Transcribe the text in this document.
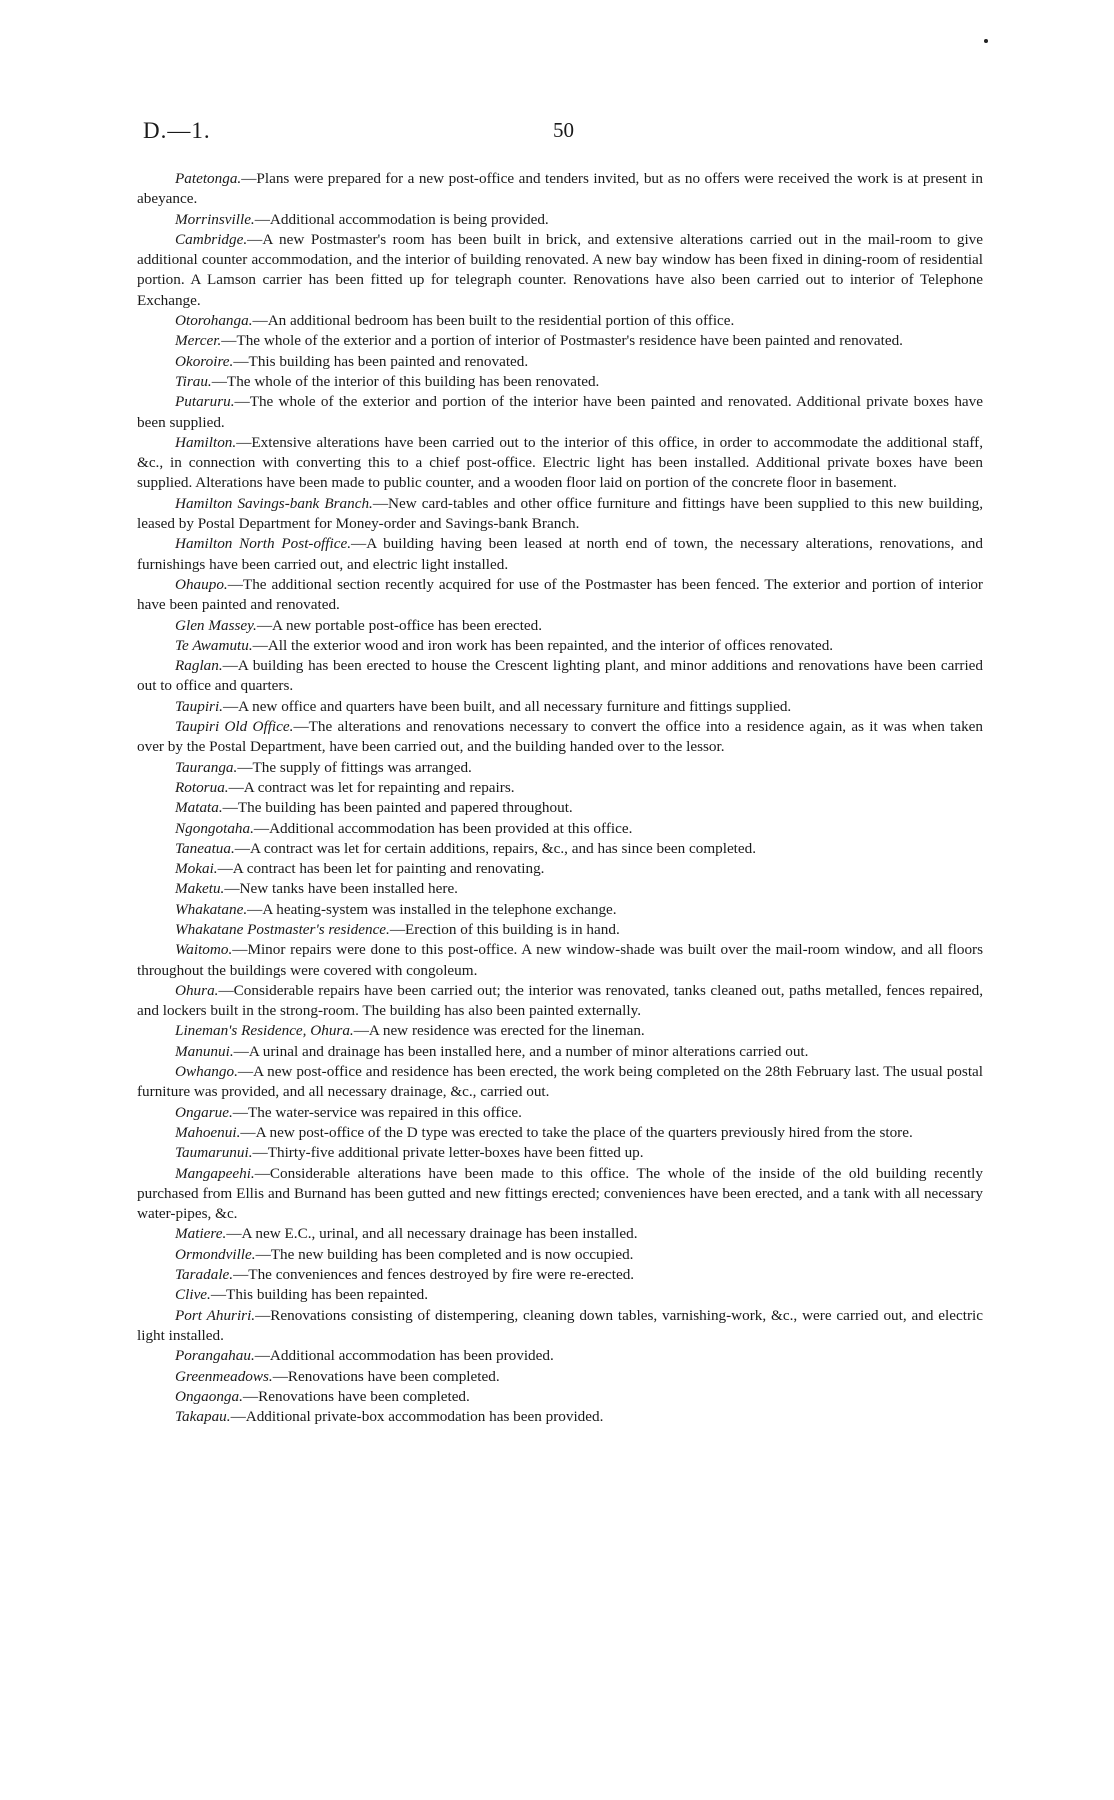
D.—1.	50

Patetonga.—Plans were prepared for a new post-office and tenders invited, but as no offers were received the work is at present in abeyance.

Morrinsville.—Additional accommodation is being provided.

Cambridge.—A new Postmaster's room has been built in brick, and extensive alterations carried out in the mail-room to give additional counter accommodation, and the interior of building renovated. A new bay window has been fixed in dining-room of residential portion. A Lamson carrier has been fitted up for telegraph counter. Renovations have also been carried out to interior of Telephone Exchange.

Otorohanga.—An additional bedroom has been built to the residential portion of this office.

Mercer.—The whole of the exterior and a portion of interior of Postmaster's residence have been painted and renovated.

Okoroire.—This building has been painted and renovated.

Tirau.—The whole of the interior of this building has been renovated.

Putaruru.—The whole of the exterior and portion of the interior have been painted and renovated. Additional private boxes have been supplied.

Hamilton.—Extensive alterations have been carried out to the interior of this office, in order to accommodate the additional staff, &c., in connection with converting this to a chief post-office. Electric light has been installed. Additional private boxes have been supplied. Alterations have been made to public counter, and a wooden floor laid on portion of the concrete floor in basement.

Hamilton Savings-bank Branch.—New card-tables and other office furniture and fittings have been supplied to this new building, leased by Postal Department for Money-order and Savings-bank Branch.

Hamilton North Post-office.—A building having been leased at north end of town, the necessary alterations, renovations, and furnishings have been carried out, and electric light installed.

Ohaupo.—The additional section recently acquired for use of the Postmaster has been fenced. The exterior and portion of interior have been painted and renovated.

Glen Massey.—A new portable post-office has been erected.

Te Awamutu.—All the exterior wood and iron work has been repainted, and the interior of offices renovated.

Raglan.—A building has been erected to house the Crescent lighting plant, and minor additions and renovations have been carried out to office and quarters.

Taupiri.—A new office and quarters have been built, and all necessary furniture and fittings supplied.

Taupiri Old Office.—The alterations and renovations necessary to convert the office into a residence again, as it was when taken over by the Postal Department, have been carried out, and the building handed over to the lessor.

Tauranga.—The supply of fittings was arranged.

Rotorua.—A contract was let for repainting and repairs.

Matata.—The building has been painted and papered throughout.

Ngongotaha.—Additional accommodation has been provided at this office.

Taneatua.—A contract was let for certain additions, repairs, &c., and has since been completed.

Mokai.—A contract has been let for painting and renovating.

Maketu.—New tanks have been installed here.

Whakatane.—A heating-system was installed in the telephone exchange.

Whakatane Postmaster's residence.—Erection of this building is in hand.

Waitomo.—Minor repairs were done to this post-office. A new window-shade was built over the mail-room window, and all floors throughout the buildings were covered with congoleum.

Ohura.—Considerable repairs have been carried out; the interior was renovated, tanks cleaned out, paths metalled, fences repaired, and lockers built in the strong-room. The building has also been painted externally.

Lineman's Residence, Ohura.—A new residence was erected for the lineman.

Manunui.—A urinal and drainage has been installed here, and a number of minor alterations carried out.

Owhango.—A new post-office and residence has been erected, the work being completed on the 28th February last. The usual postal furniture was provided, and all necessary drainage, &c., carried out.

Ongarue.—The water-service was repaired in this office.

Mahoenui.—A new post-office of the D type was erected to take the place of the quarters previously hired from the store.

Taumarunui.—Thirty-five additional private letter-boxes have been fitted up.

Mangapeehi.—Considerable alterations have been made to this office. The whole of the inside of the old building recently purchased from Ellis and Burnand has been gutted and new fittings erected; conveniences have been erected, and a tank with all necessary water-pipes, &c.

Matiere.—A new E.C., urinal, and all necessary drainage has been installed.

Ormondville.—The new building has been completed and is now occupied.

Taradale.—The conveniences and fences destroyed by fire were re-erected.

Clive.—This building has been repainted.

Port Ahuriri.—Renovations consisting of distempering, cleaning down tables, varnishing-work, &c., were carried out, and electric light installed.

Porangahau.—Additional accommodation has been provided.

Greenmeadows.—Renovations have been completed.

Ongaonga.—Renovations have been completed.

Takapau.—Additional private-box accommodation has been provided.
